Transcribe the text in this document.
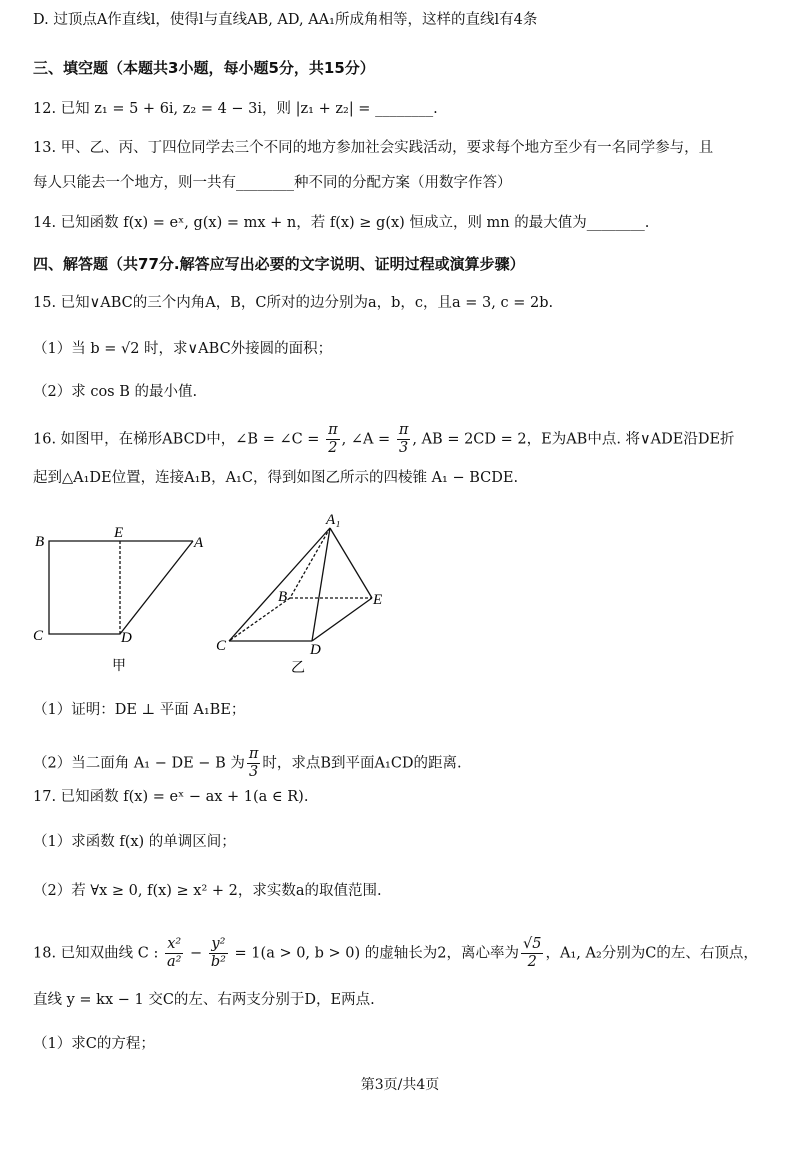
D. 过顶点A作直线l，使得l与直线AB, AD, AA₁所成角相等，这样的直线l有4条
三、填空题（本题共3小题，每小题5分，共15分）
12. 已知 z₁ = 5 + 6i, z₂ = 4 − 3i，则 |z₁ + z₂| = ________.
13. 甲、乙、丙、丁四位同学去三个不同的地方参加社会实践活动，要求每个地方至少有一名同学参与，且
每人只能去一个地方，则一共有________种不同的分配方案（用数字作答）
14. 已知函数 f(x) = eˣ, g(x) = mx + n，若 f(x) ≥ g(x) 恒成立，则 mn 的最大值为________.
四、解答题（共77分.解答应写出必要的文字说明、证明过程或演算步骤）
15. 已知∨ABC的三个内角A，B，C所对的边分别为a，b，c，且a = 3, c = 2b.
（1）当 b = √2 时，求∨ABC外接圆的面积；
（2）求 cos B 的最小值.
16. 如图甲，在梯形ABCD中，∠B = ∠C = $\frac{\pi}{2}$ , ∠A = $\frac{\pi}{3}$ , AB = 2CD = 2，E为AB中点. 将∨ADE沿DE折
起到△A₁DE位置，连接A₁B，A₁C，得到如图乙所示的四棱锥 A₁ − BCDE.
B
E
A
C	D
甲
A₁
B	E
C	D
乙
（1）证明：DE ⊥ 平面 A₁BE；
（2）当二面角 A₁ − DE − B 为 $\frac{\pi}{3}$ 时，求点B到平面A₁CD的距离.
17. 已知函数 f(x) = eˣ − ax + 1(a ∈ R).
（1）求函数 f(x) 的单调区间；
（2）若 ∀x ≥ 0, f(x) ≥ x² + 2，求实数a的取值范围.
18. 已知双曲线 C : $\frac{\text{x²}}{\text{a²}} - \frac{\text{y²}}{\text{b²}} = 1(a > 0$, b > 0) 的虚轴长为2，离心率为 $\frac{√5}{2}$ ，A₁, A₂分别为C的左、右顶点，
直线 y = kx − 1 交C的左、右两支分别于D，E两点.
（1）求C的方程；
第3页/共4页
